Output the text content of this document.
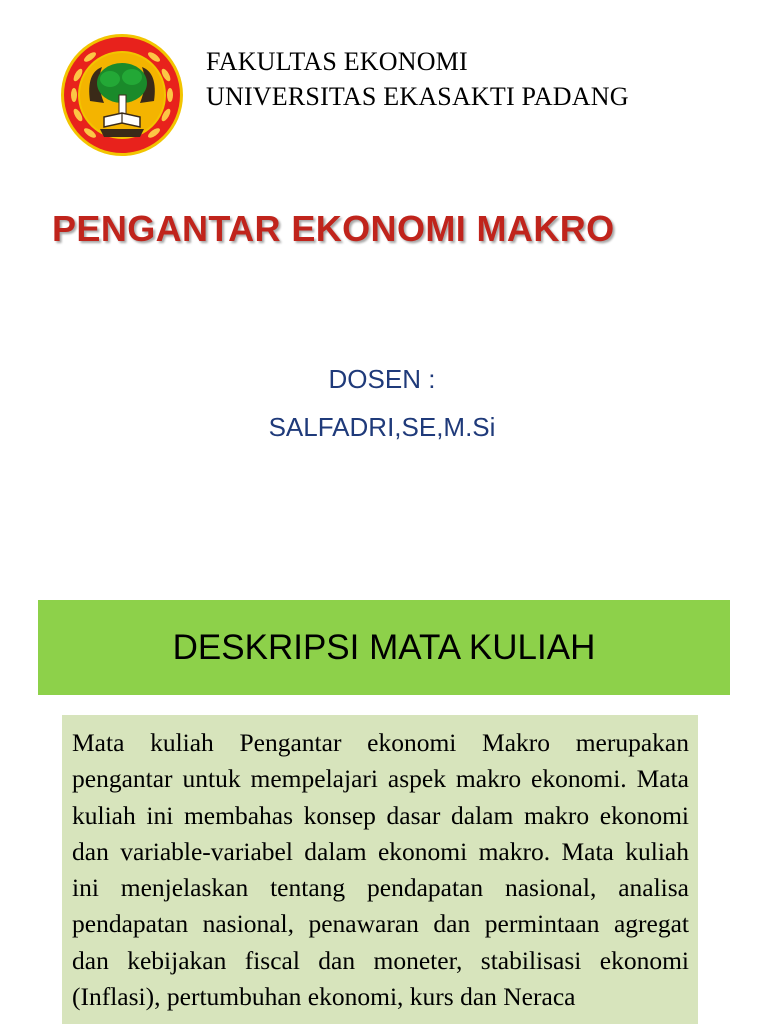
FAKULTAS EKONOMI
UNIVERSITAS EKASAKTI PADANG
PENGANTAR EKONOMI MAKRO
DOSEN :
SALFADRI,SE,M.Si
DESKRIPSI MATA KULIAH

Mata kuliah Pengantar ekonomi Makro merupakan pengantar untuk mempelajari aspek makro ekonomi. Mata kuliah ini membahas konsep dasar dalam makro ekonomi dan variable-variabel dalam ekonomi makro. Mata kuliah ini menjelaskan tentang pendapatan nasional, analisa pendapatan nasional, penawaran dan permintaan agregat dan kebijakan fiscal dan moneter, stabilisasi ekonomi (Inflasi), pertumbuhan ekonomi, kurs dan Neraca
